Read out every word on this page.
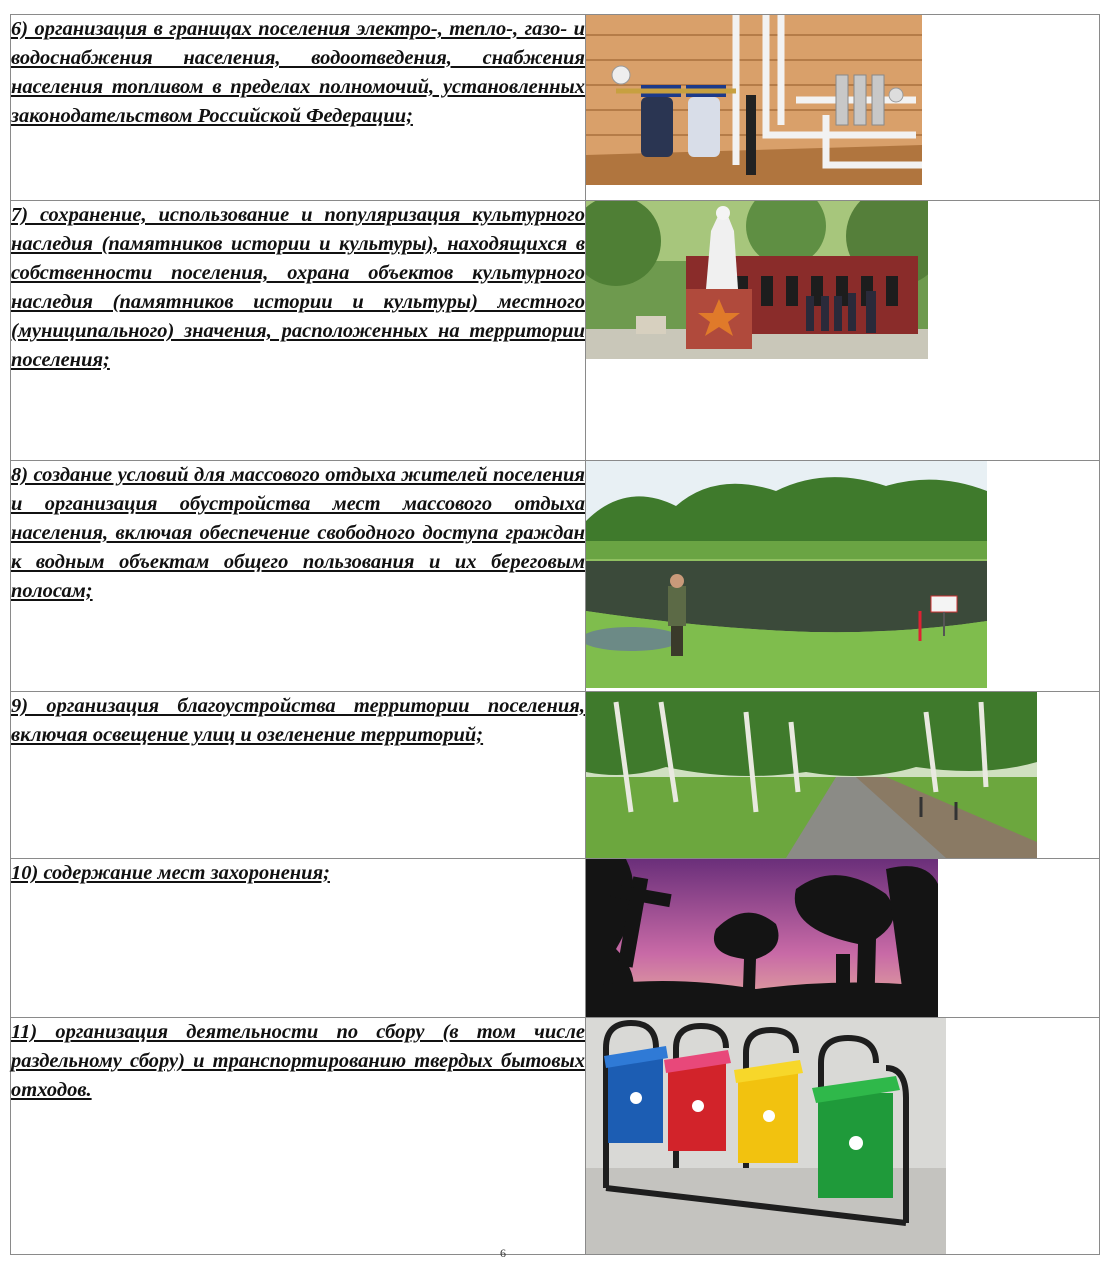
6) организация в границах поселения электро-, тепло-, газо- и водоснабжения населения, водоотведения, снабжения населения топливом в пределах полномочий, установленных законодательством Российской Федерации;

7) сохранение, использование и популяризация культурного наследия (памятников истории и культуры), находящихся в собственности поселения, охрана объектов культурного наследия (памятников истории и культуры) местного (муниципального) значения, расположенных на территории поселения;

8) создание условий для массового отдыха жителей поселения и организация обустройства мест массового отдыха населения, включая обеспечение свободного доступа граждан к водным объектам общего пользования и их береговым полосам;

9) организация благоустройства территории поселения, включая освещение улиц и озеленение территорий;

10) содержание мест захоронения;

11) организация деятельности по сбору (в том числе раздельному сбору) и транспортированию твердых бытовых отходов.

6
